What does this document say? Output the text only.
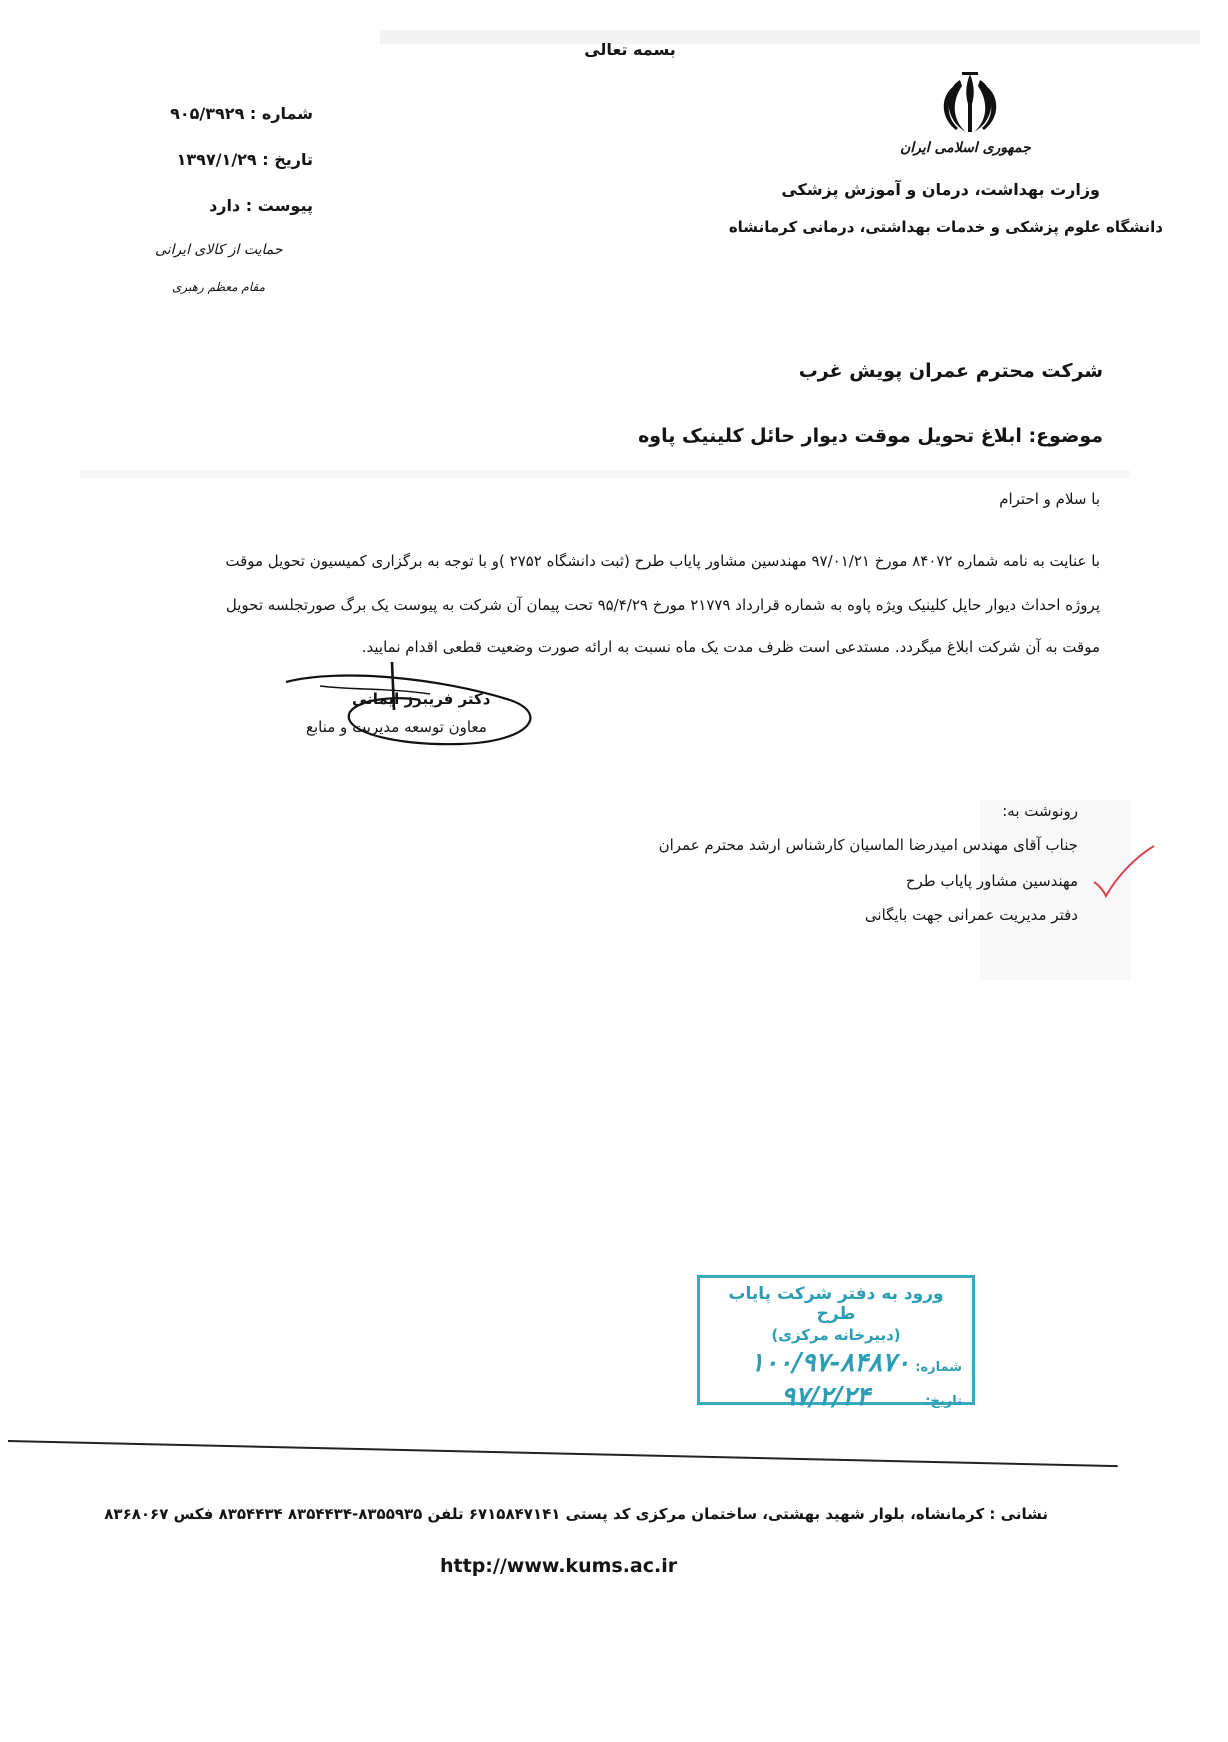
بسمه تعالی
شماره : ۹۰۵/۳۹۲۹
تاریخ : ۱۳۹۷/۱/۲۹
پیوست : دارد
حمایت از کالای ایرانی
مقام معظم رهبری
جمهوری اسلامی ایران
وزارت بهداشت، درمان و آموزش پزشکی
دانشگاه علوم پزشکی و خدمات بهداشتی، درمانی کرمانشاه
شرکت محترم عمران پویش غرب
موضوع: ابلاغ تحویل موقت دیوار حائل کلینیک پاوه
با سلام و احترام
با عنایت به نامه شماره ۸۴۰۷۲ مورخ ۹۷/۰۱/۲۱ مهندسین مشاور پایاب طرح (ثبت دانشگاه ۲۷۵۲ )و با توجه به برگزاری کمیسیون تحویل موقت
پروژه احداث دیوار حایل کلینیک ویژه پاوه به شماره قرارداد ۲۱۷۷۹ مورخ ۹۵/۴/۲۹ تحت پیمان آن شرکت به پیوست یک برگ صورتجلسه تحویل
موقت به آن شرکت ابلاغ میگردد. مستدعی است ظرف مدت یک ماه نسبت به ارائه صورت وضعیت قطعی اقدام نمایید.
دکتر فریبرز ایمانی
معاون توسعه مدیریت و منابع
رونوشت به:
جناب آقای مهندس امیدرضا الماسیان کارشناس ارشد محترم عمران
مهندسین مشاور پایاب طرح
دفتر مدیریت عمرانی جهت بایگانی
ورود به دفتر شرکت پایاب طرح
(دبیرخانه مرکزی)
شماره:
۱۰۰/۹۷-۸۴۸۷۰
تاریخ:
۹۷/۲/۲۴
نشانی : کرمانشاه، بلوار شهید بهشتی، ساختمان مرکزی کد پستی ۶۷۱۵۸۴۷۱۴۱ تلفن ۸۳۵۵۹۳۵-۸۳۵۴۴۳۴ ۸۳۵۴۴۳۴ فکس ۸۳۶۸۰۶۷
http://www.kums.ac.ir
